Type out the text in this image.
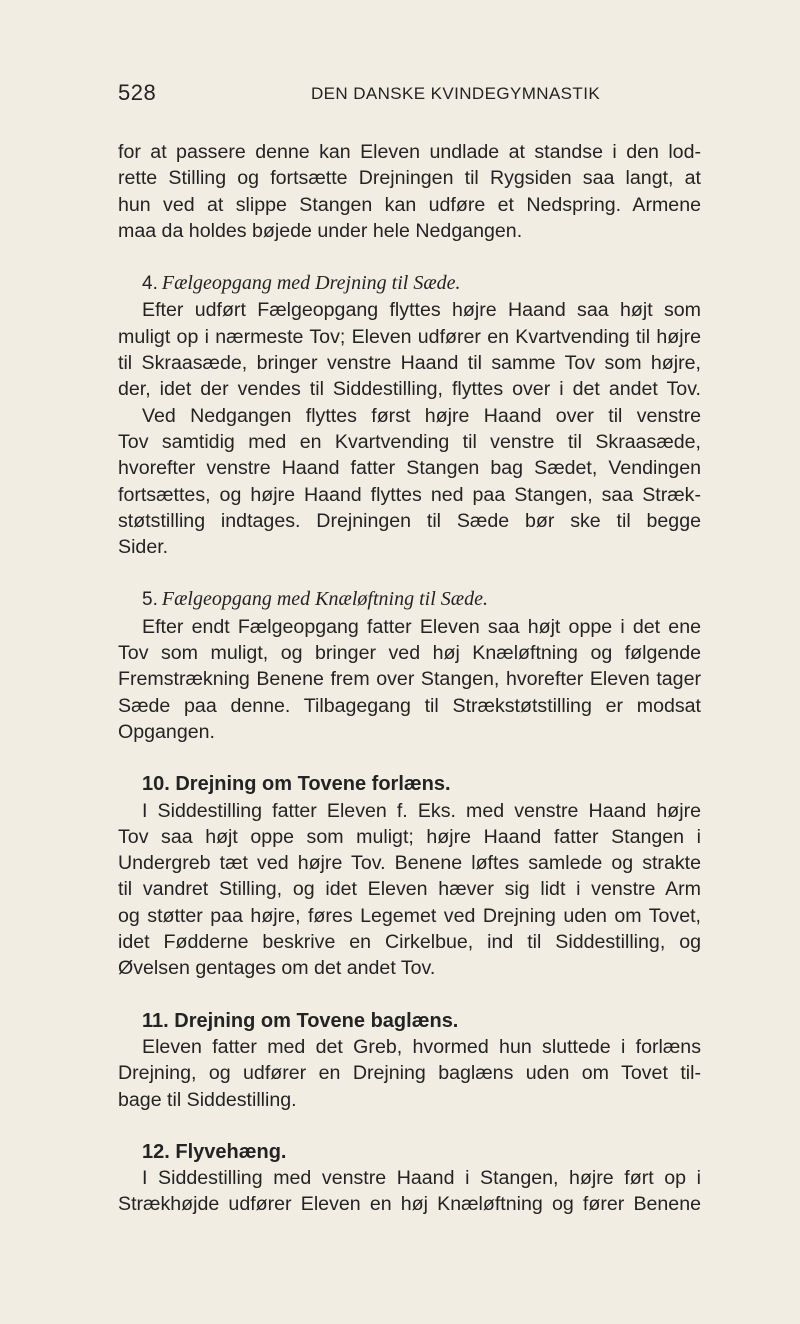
528	DEN DANSKE KVINDEGYMNASTIK
for at passere denne kan Eleven undlade at standse i den lod-
rette Stilling og fortsætte Drejningen til Rygsiden saa langt, at
hun ved at slippe Stangen kan udføre et Nedspring. Armene
maa da holdes bøjede under hele Nedgangen.
4. Fælgeopgang med Drejning til Sæde.
Efter udført Fælgeopgang flyttes højre Haand saa højt som
muligt op i nærmeste Tov; Eleven udfører en Kvartvending til højre
til Skraasæde, bringer venstre Haand til samme Tov som højre,
der, idet der vendes til Siddestilling, flyttes over i det andet Tov.
Ved Nedgangen flyttes først højre Haand over til venstre
Tov samtidig med en Kvartvending til venstre til Skraasæde,
hvorefter venstre Haand fatter Stangen bag Sædet, Vendingen
fortsættes, og højre Haand flyttes ned paa Stangen, saa Stræk-
støtstilling indtages. Drejningen til Sæde bør ske til begge
Sider.
5. Fælgeopgang med Knæløftning til Sæde.
Efter endt Fælgeopgang fatter Eleven saa højt oppe i det ene
Tov som muligt, og bringer ved høj Knæløftning og følgende
Fremstrækning Benene frem over Stangen, hvorefter Eleven tager
Sæde paa denne. Tilbagegang til Strækstøtstilling er modsat
Opgangen.
10. Drejning om Tovene forlæns.
I Siddestilling fatter Eleven f. Eks. med venstre Haand højre
Tov saa højt oppe som muligt; højre Haand fatter Stangen i
Undergreb tæt ved højre Tov. Benene løftes samlede og strakte
til vandret Stilling, og idet Eleven hæver sig lidt i venstre Arm
og støtter paa højre, føres Legemet ved Drejning uden om Tovet,
idet Fødderne beskrive en Cirkelbue, ind til Siddestilling, og
Øvelsen gentages om det andet Tov.
11. Drejning om Tovene baglæns.
Eleven fatter med det Greb, hvormed hun sluttede i forlæns
Drejning, og udfører en Drejning baglæns uden om Tovet til-
bage til Siddestilling.
12. Flyvehæng.
I Siddestilling med venstre Haand i Stangen, højre ført op i
Strækhøjde udfører Eleven en høj Knæløftning og fører Benene
